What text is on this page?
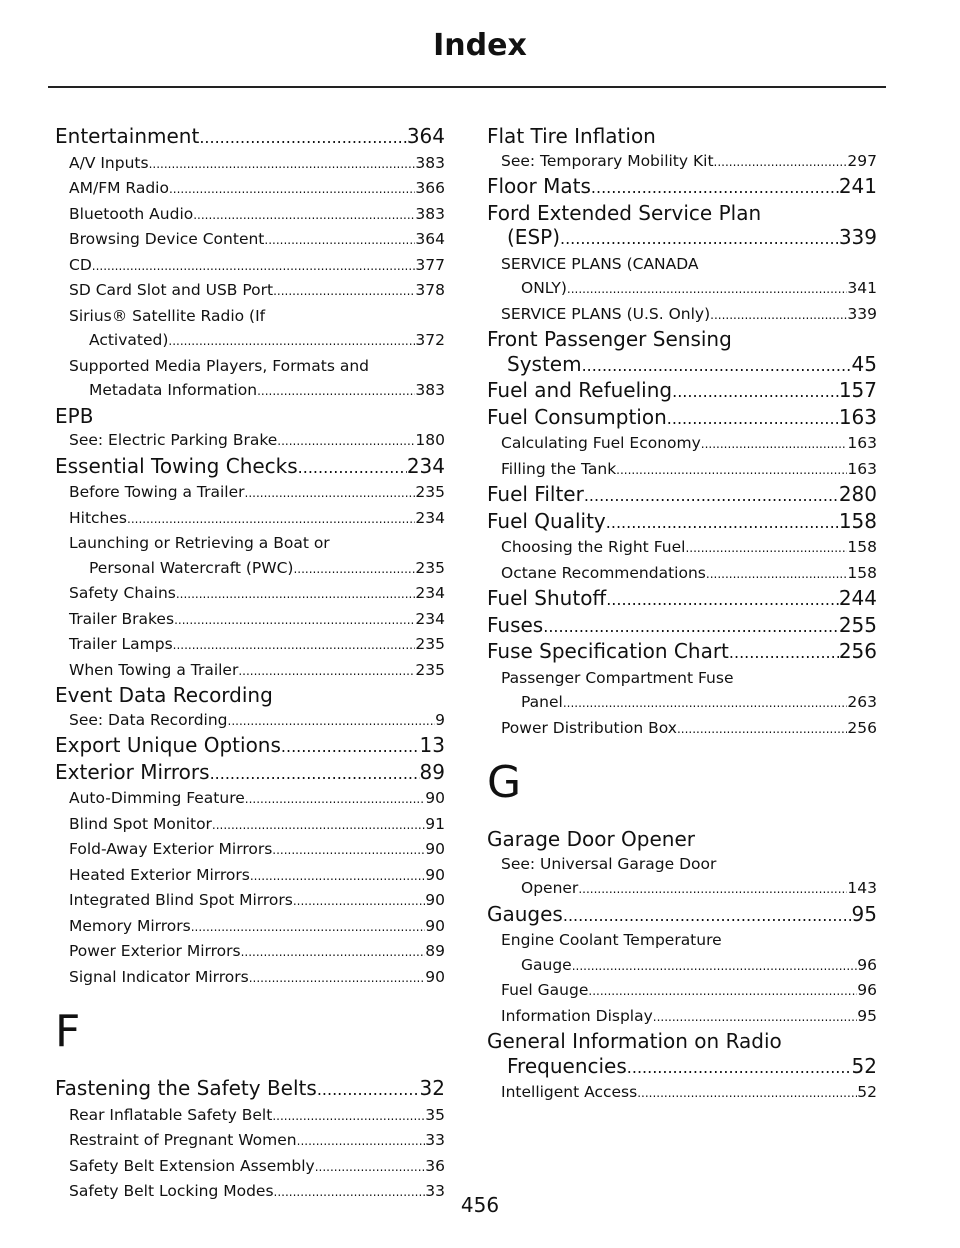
Index
Entertainment .....	364
A/V Inputs .....	383
AM/FM Radio .....	366
Bluetooth Audio .....	383
Browsing Device Content .....	364
CD .....	377
SD Card Slot and USB Port .....	378
Sirius® Satellite Radio (If
Activated) .....	372
Supported Media Players, Formats and
Metadata Information .....	383
EPB
See: Electric Parking Brake .....	180
Essential Towing Checks .....	234
Before Towing a Trailer .....	235
Hitches .....	234
Launching or Retrieving a Boat or
Personal Watercraft (PWC) .....	235
Safety Chains .....	234
Trailer Brakes .....	234
Trailer Lamps .....	235
When Towing a Trailer .....	235
Event Data Recording
See: Data Recording .....	9
Export Unique Options .....	13
Exterior Mirrors .....	89
Auto-Dimming Feature .....	90
Blind Spot Monitor .....	91
Fold-Away Exterior Mirrors .....	90
Heated Exterior Mirrors .....	90
Integrated Blind Spot Mirrors .....	90
Memory Mirrors .....	90
Power Exterior Mirrors .....	89
Signal Indicator Mirrors .....	90
F
Fastening the Safety Belts .....	32
Rear Inflatable Safety Belt .....	35
Restraint of Pregnant Women .....	33
Safety Belt Extension Assembly .....	36
Safety Belt Locking Modes .....	33
Flat Tire Inflation
See: Temporary Mobility Kit .....	297
Floor Mats .....	241
Ford Extended Service Plan
(ESP) .....	339
SERVICE PLANS (CANADA
ONLY) .....	341
SERVICE PLANS (U.S. Only) .....	339
Front Passenger Sensing
System .....	45
Fuel and Refueling .....	157
Fuel Consumption .....	163
Calculating Fuel Economy .....	163
Filling the Tank .....	163
Fuel Filter .....	280
Fuel Quality .....	158
Choosing the Right Fuel .....	158
Octane Recommendations .....	158
Fuel Shutoff .....	244
Fuses .....	255
Fuse Specification Chart .....	256
Passenger Compartment Fuse
Panel .....	263
Power Distribution Box .....	256
G
Garage Door Opener
See: Universal Garage Door
Opener .....	143
Gauges .....	95
Engine Coolant Temperature
Gauge .....	96
Fuel Gauge .....	96
Information Display .....	95
General Information on Radio
Frequencies .....	52
Intelligent Access .....	52
456
